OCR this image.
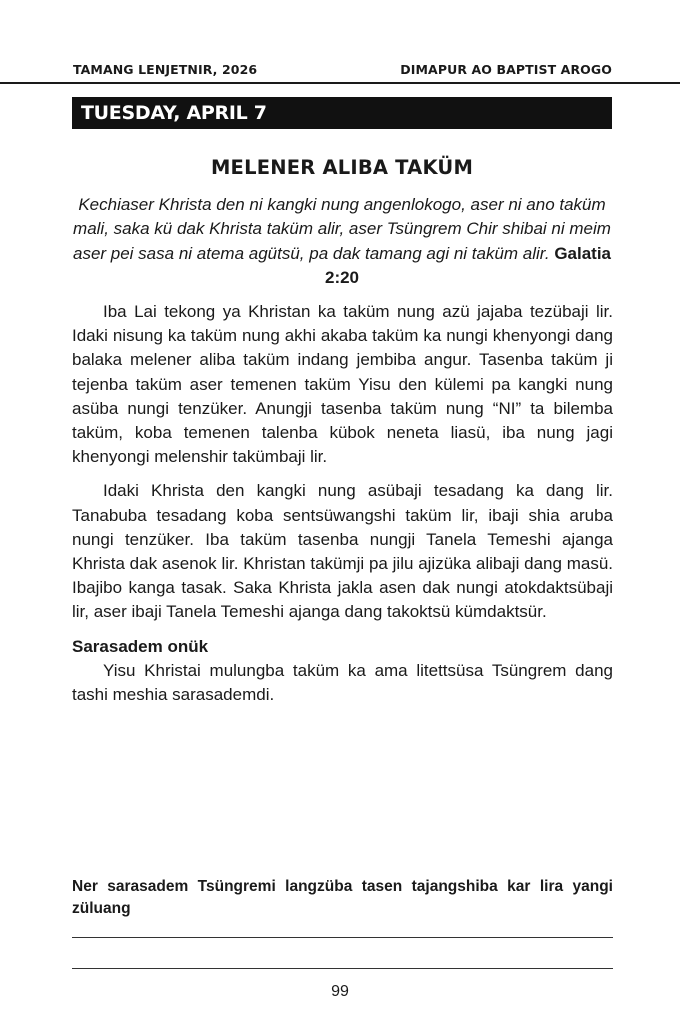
TAMANG LENJETNIR, 2026	DIMAPUR AO BAPTIST AROGO
TUESDAY, APRIL 7
MELENER ALIBA TAKÜM
Kechiaser Khrista den ni kangki nung angenlokogo, aser ni ano taküm mali, saka kü dak Khrista taküm alir, aser Tsüngrem Chir shibai ni meim aser pei sasa ni atema agütsü, pa dak tamang agi ni taküm alir. Galatia 2:20

Iba Lai tekong ya Khristan ka taküm nung azü jajaba tezübaji lir. Idaki nisung ka taküm nung akhi akaba taküm ka nungi khenyongi dang balaka melener aliba taküm indang jembiba angur. Tasenba taküm ji tejenba taküm aser temenen taküm Yisu den külemi pa kangki nung asüba nungi tenzüker. Anungji tasenba taküm nung “NI” ta bilemba taküm, koba temenen talenba kübok neneta liasü, iba nung jagi khenyongi melenshir takümbaji lir.

Idaki Khrista den kangki nung asübaji tesadang ka dang lir. Tanabuba tesadang koba sentsüwangshi taküm lir, ibaji shia aruba nungi tenzüker. Iba taküm tasenba nungji Tanela Temeshi ajanga Khrista dak asenok lir. Khristan takümji pa jilu ajizüka alibaji dang masü. Ibajibo kanga tasak. Saka Khrista jakla asen dak nungi atokdaktsübaji lir, aser ibaji Tanela Temeshi ajanga dang takoktsü kümdaktsür.

Sarasadem onük

Yisu Khristai mulungba taküm ka ama litettsüsa Tsüngrem dang tashi meshia sarasademdi.

Ner sarasadem Tsüngremi langzüba tasen tajangshiba kar lira yangi züluang
99
